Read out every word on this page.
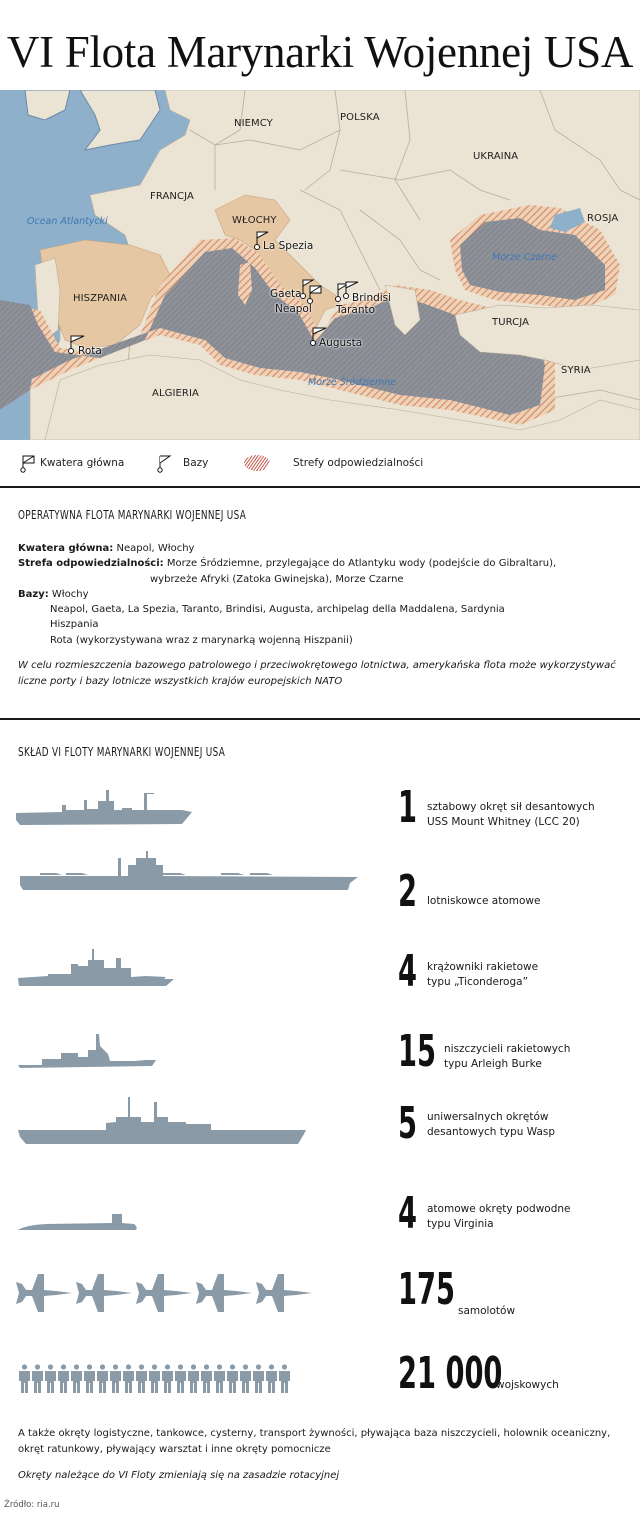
VI Flota Marynarki Wojennej USA
NIEMCY
POLSKA
UKRAINA
FRANCJA
WŁOCHY	ROSJA
HISZPANIA
TURCJA
SYRIA
ALGIERIA
Ocean Atlantycki
Morze Czarne
Morze Śródziemne
La Spezia
Gaeta
Neapol
Brindisi
Taranto
Augusta
Rota
Kwatera główna	Bazy	Strefy odpowiedzialności
OPERATYWNA FLOTA MARYNARKI WOJENNEJ USA
Kwatera główna: Neapol, Włochy
Strefa odpowiedzialności: Morze Śródziemne, przylegające do Atlantyku wody (podejście do Gibraltaru),
wybrzeże Afryki (Zatoka Gwinejska), Morze Czarne
Bazy: Włochy
Neapol, Gaeta, La Spezia, Taranto, Brindisi, Augusta, archipelag della Maddalena, Sardynia
Hiszpania
Rota (wykorzystywana wraz z marynarką wojenną Hiszpanii)
W celu rozmieszczenia bazowego patrolowego i przeciwokrętowego lotnictwa, amerykańska flota może wykorzystywać
liczne porty i bazy lotnicze wszystkich krajów europejskich NATO
SKŁAD VI FLOTY MARYNARKI WOJENNEJ USA
1 sztabowy okręt sił desantowych
USS Mount Whitney (LCC 20)
2 lotniskowce atomowe
4 krążowniki rakietowe
typu „Ticonderoga”
15 niszczycieli rakietowych
typu Arleigh Burke
5 uniwersalnych okrętów
desantowych typu Wasp
4 atomowe okręty podwodne
typu Virginia
175 samolotów
21 000
wojskowych
A także okręty logistyczne, tankowce, cysterny, transport żywności, pływająca baza niszczycieli, holownik oceaniczny,
okręt ratunkowy, pływający warsztat i inne okręty pomocnicze
Okręty należące do VI Floty zmieniają się na zasadzie rotacyjnej
Źródło: ria.ru
